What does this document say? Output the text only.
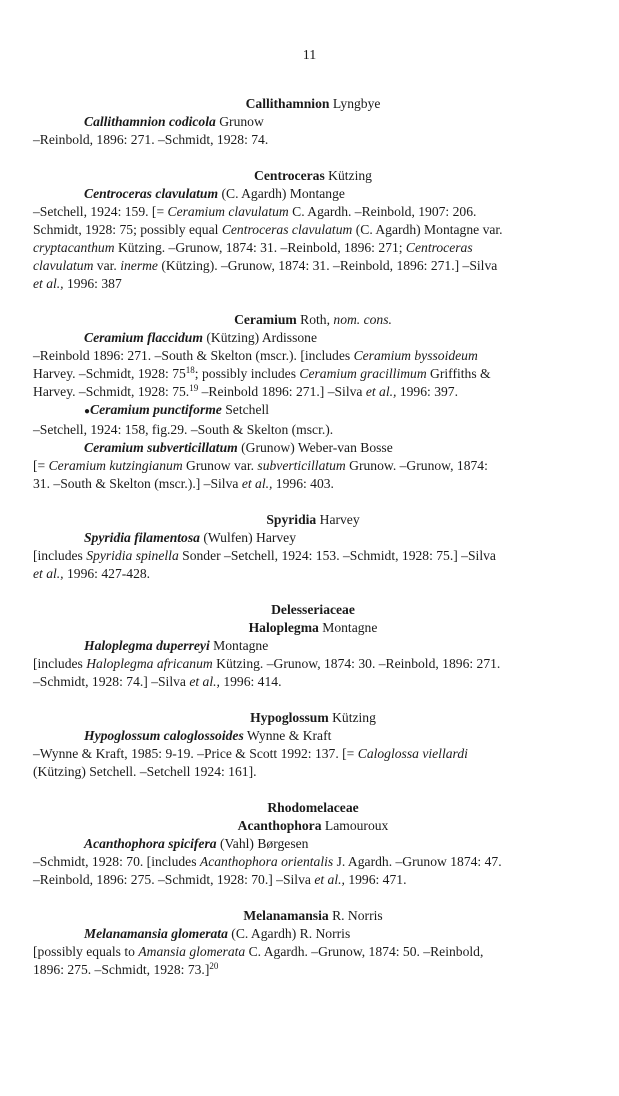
11
Callithamnion Lyngbye
Callithamnion codicola Grunow
–Reinbold, 1896: 271. –Schmidt, 1928: 74.
Centroceras Kützing
Centroceras clavulatum (C. Agardh) Montange
–Setchell, 1924: 159. [= Ceramium clavulatum C. Agardh. –Reinbold, 1907: 206.
Schmidt, 1928: 75; possibly equal Centroceras clavulatum (C. Agardh) Montagne var.
cryptacanthum Kützing. –Grunow, 1874: 31. –Reinbold, 1896: 271; Centroceras
clavulatum var. inerme (Kützing). –Grunow, 1874: 31. –Reinbold, 1896: 271.] –Silva
et al., 1996: 387
Ceramium Roth, nom. cons.
Ceramium flaccidum (Kützing) Ardissone
–Reinbold 1896: 271. –South & Skelton (mscr.). [includes Ceramium byssoideum
Harvey. –Schmidt, 1928: $75^{18}$; possibly includes Ceramium gracillimum Griffiths &
Harvey. –Schmidt, 1928: 75.19 –Reinbold 1896: 271.] –Silva et al., 1996: 397.
●Ceramium punctiforme Setchell
–Setchell, 1924: 158, fig.29. –South & Skelton (mscr.).
Ceramium subverticillatum (Grunow) Weber-van Bosse
[= Ceramium kutzingianum Grunow var. subverticillatum Grunow. –Grunow, 1874:
31. –South & Skelton (mscr.).] –Silva et al., 1996: 403.
Spyridia Harvey
Spyridia filamentosa (Wulfen) Harvey
[includes Spyridia spinella Sonder –Setchell, 1924: 153. –Schmidt, 1928: 75.] –Silva
et al., 1996: 427-428.
Delesseriaceae
Haloplegma Montagne
Haloplegma duperreyi Montagne
[includes Haloplegma africanum Kützing. –Grunow, 1874: 30. –Reinbold, 1896: 271.
–Schmidt, 1928: 74.] –Silva et al., 1996: 414.
Hypoglossum Kützing
Hypoglossum caloglossoides Wynne & Kraft
–Wynne & Kraft, 1985: 9-19. –Price & Scott 1992: 137. [= Caloglossa viellardi
(Kützing) Setchell. –Setchell 1924: 161].
Rhodomelaceae
Acanthophora Lamouroux
Acanthophora spicifera (Vahl) Børgesen
–Schmidt, 1928: 70. [includes Acanthophora orientalis J. Agardh. –Grunow 1874: 47.
–Reinbold, 1896: 275. –Schmidt, 1928: 70.] –Silva et al., 1996: 471.
Melanamansia R. Norris
Melanamansia glomerata (C. Agardh) R. Norris
[possibly equals to Amansia glomerata C. Agardh. –Grunow, 1874: 50. –Reinbold,
1896: 275. –Schmidt, 1928: 73.]$^{20}$
